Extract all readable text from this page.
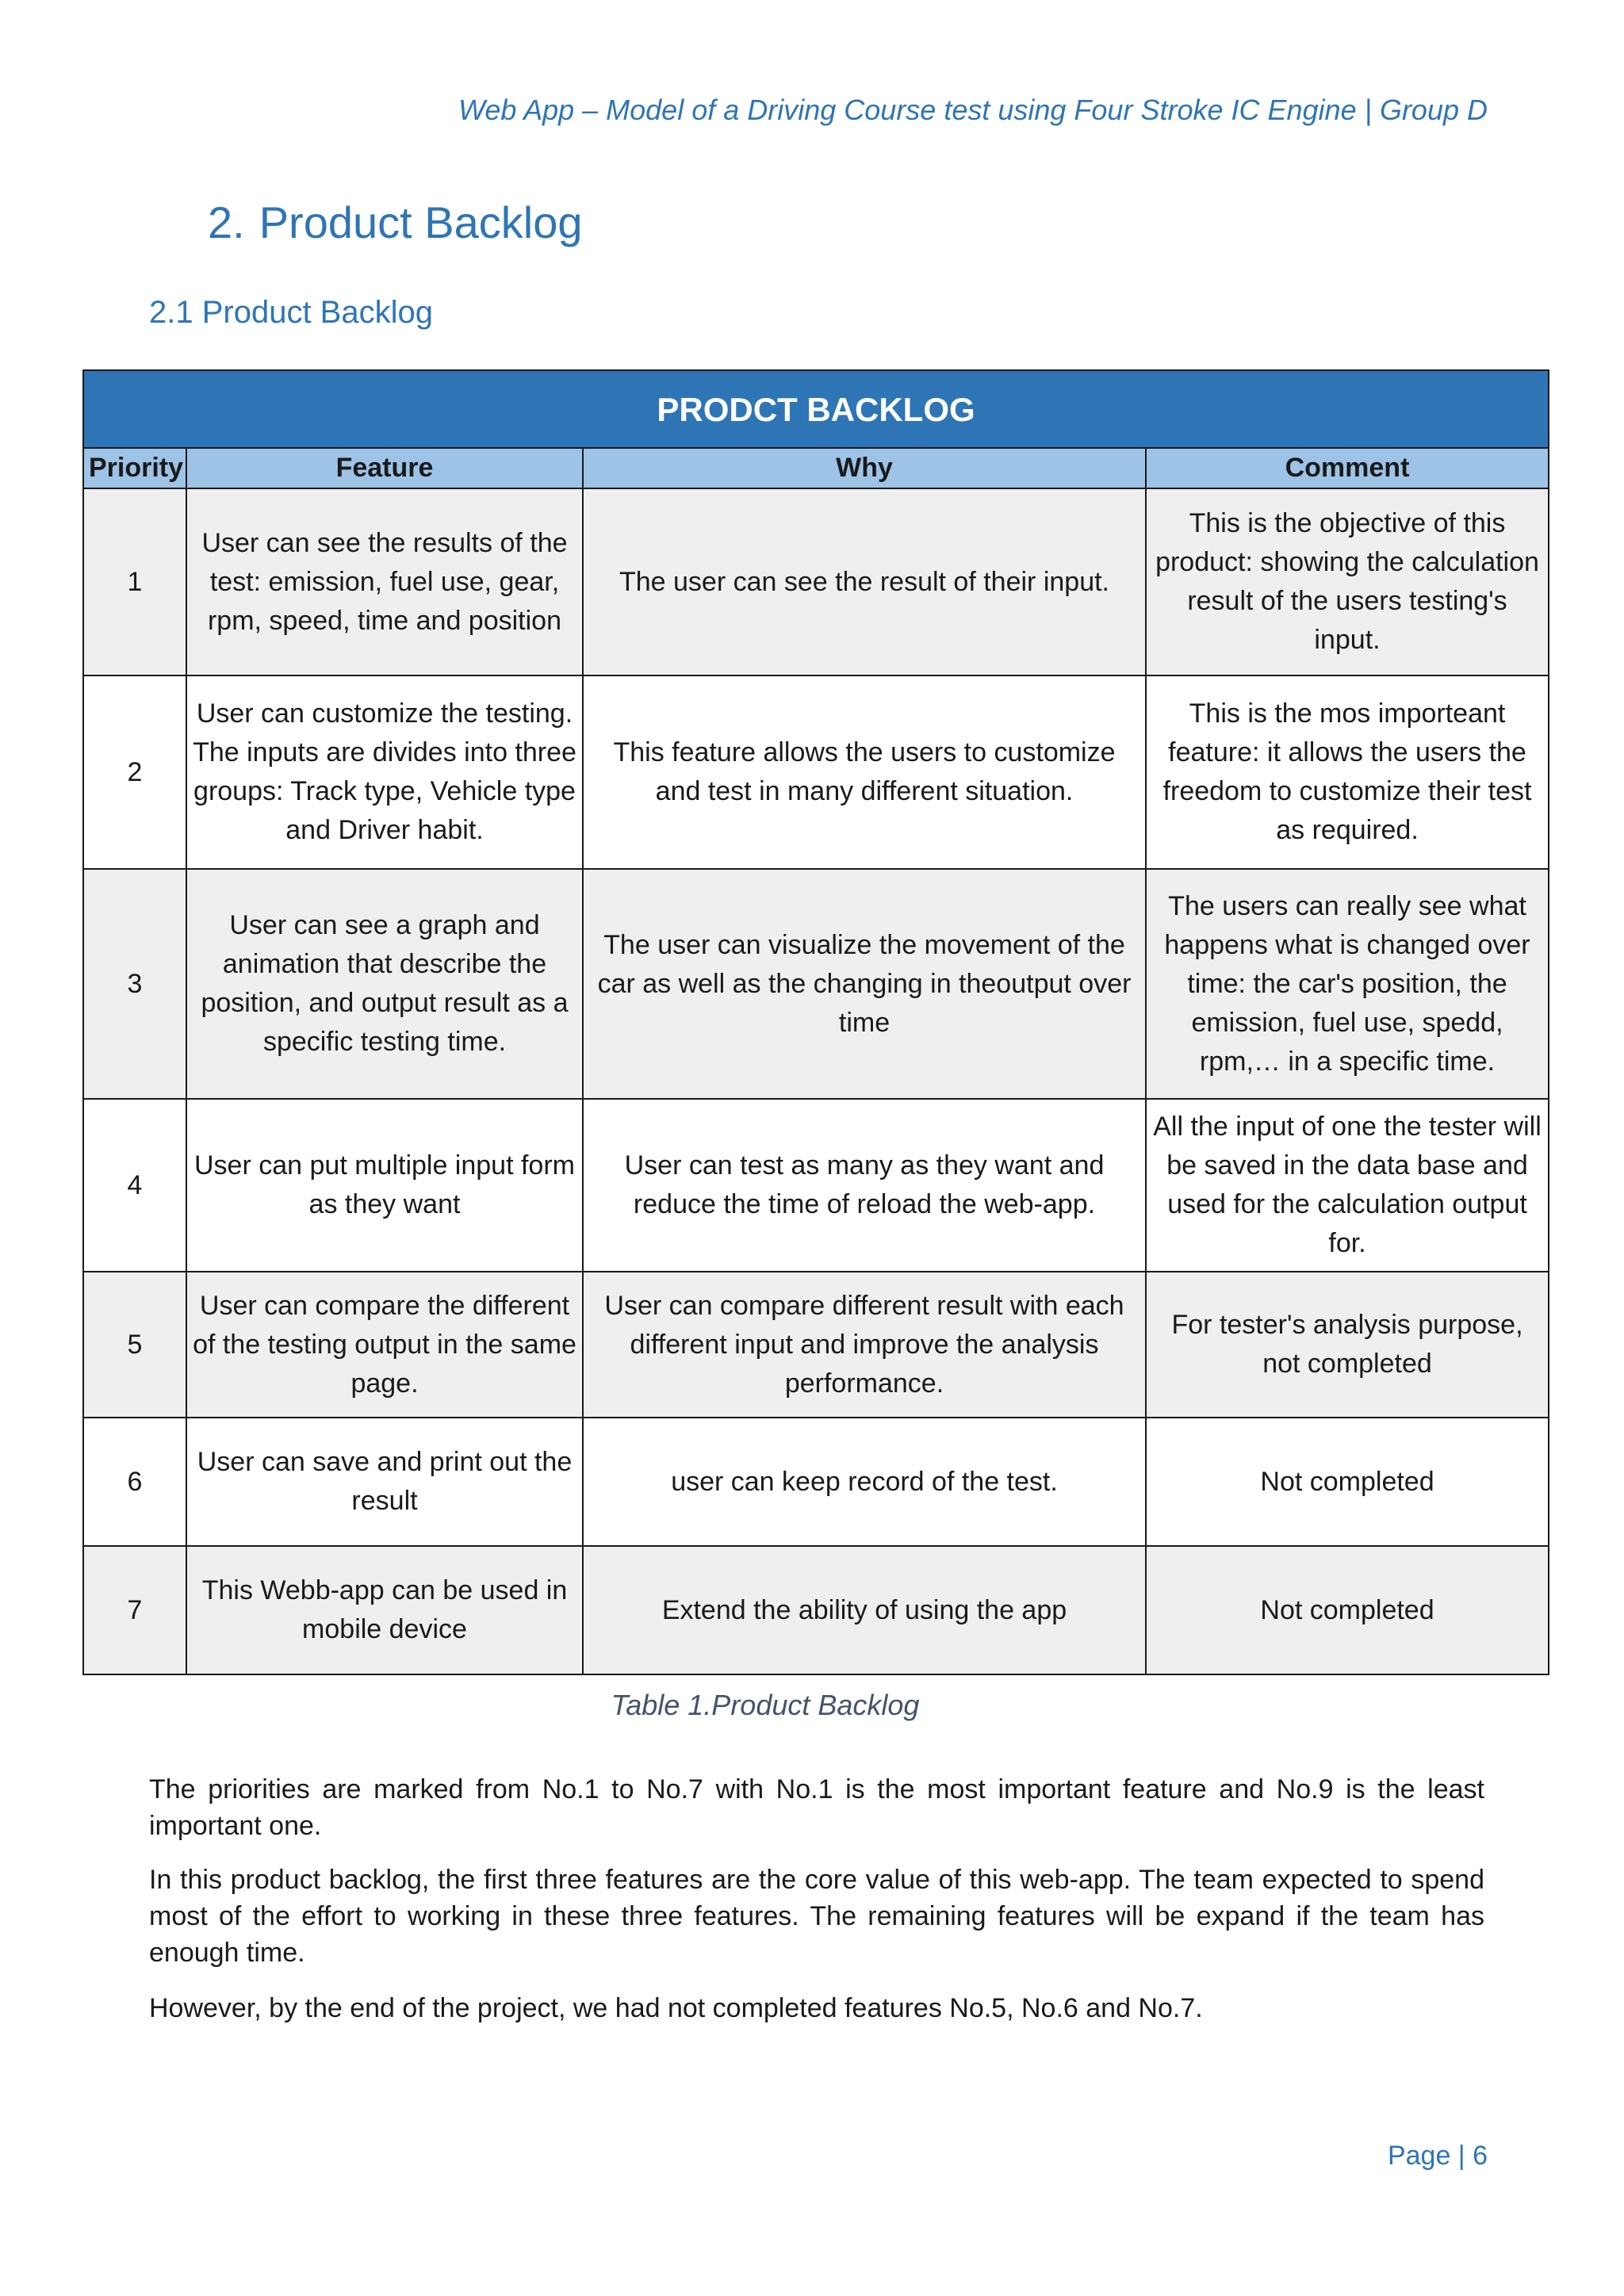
Web App – Model of a Driving Course test using Four Stroke IC Engine | Group D
2. Product Backlog
2.1 Product Backlog
PRODCT BACKLOG			
Priority	Feature	Why	Comment
1	User can see the results of the test: emission, fuel use, gear, rpm, speed, time and position	The user can see the result of their input.	This is the objective of this product: showing the calculation result of the users testing's input.
2	User can customize the testing. The inputs are divides into three groups: Track type, Vehicle type and Driver habit.	This feature allows the users to customize and test in many different situation.	This is the mos importeant feature: it allows the users the freedom to customize their test as required.
3	User can see a graph and animation that describe the position, and output result as a specific testing time.	The user can visualize the movement of the car as well as the changing in theoutput over time	The users can really see what happens what is changed over time: the car's position, the emission, fuel use, spedd, rpm,… in a specific time.
4	User can put multiple input form as they want	User can test as many as they want and reduce the time of reload the web-app.	All the input of one the tester will be saved in the data base and used for the calculation output for.
5	User can compare the different of the testing output in the same page.	User can compare different result with each different input and improve the analysis performance.	For tester's analysis purpose, not completed
6	User can save and print out the result	user can keep record of the test.	Not completed
7	This Webb-app can be used in mobile device	Extend the ability of using the app	Not completed
Table 1.Product Backlog

The priorities are marked from No.1 to No.7 with No.1 is the most important feature and No.9 is the least important one.

In this product backlog, the first three features are the core value of this web-app. The team expected to spend most of the effort to working in these three features. The remaining features will be expand if the team has enough time.

However, by the end of the project, we had not completed features No.5, No.6 and No.7.

Page | 6
